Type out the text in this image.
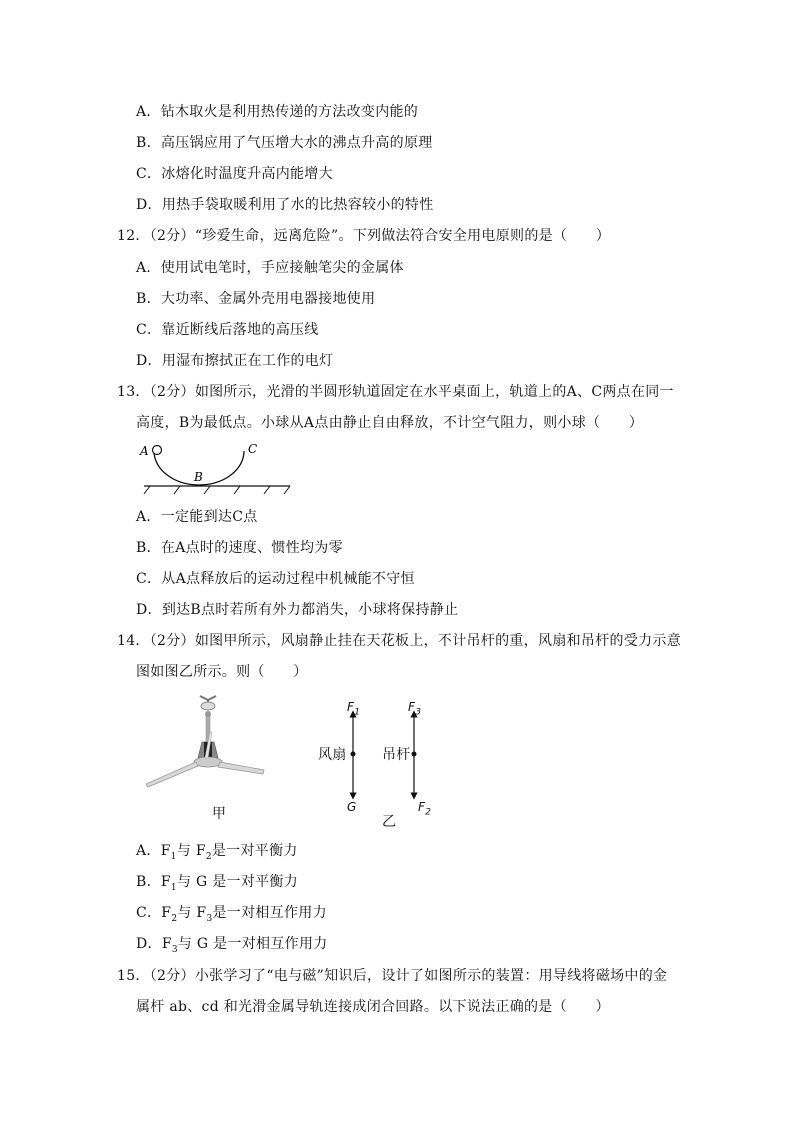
A．钻木取火是利用热传递的方法改变内能的
B．高压锅应用了气压增大水的沸点升高的原理
C．冰熔化时温度升高内能增大
D．用热手袋取暖利用了水的比热容较小的特性
12．（2分）“珍爱生命，远离危险”。下列做法符合安全用电原则的是（　　）
A．使用试电笔时，手应接触笔尖的金属体
B．大功率、金属外壳用电器接地使用
C．靠近断线后落地的高压线
D．用湿布擦拭正在工作的电灯
13．（2分）如图所示，光滑的半圆形轨道固定在水平桌面上，轨道上的A、C两点在同一
高度，B为最低点。小球从A点由静止自由释放，不计空气阻力，则小球（　　）
A
B
C
A．一定能到达C点
B．在A点时的速度、惯性均为零
C．从A点释放后的运动过程中机械能不守恒
D．到达B点时若所有外力都消失，小球将保持静止
14．（2分）如图甲所示，风扇静止挂在天花板上，不计吊杆的重，风扇和吊杆的受力示意
图如图乙所示。则（　　）
甲
$F_1$
G
$F_3$
$F_2$
风扇	吊杆
乙
A．$F_1$与 $F_2$是一对平衡力
B．$F_1$与 G 是一对平衡力
C．$F_2$与 $F_3$是一对相互作用力
D．$F_3$与 G 是一对相互作用力
15．（2分）小张学习了“电与磁”知识后，设计了如图所示的装置：用导线将磁场中的金
属杆 ab、cd 和光滑金属导轨连接成闭合回路。以下说法正确的是（　　）
